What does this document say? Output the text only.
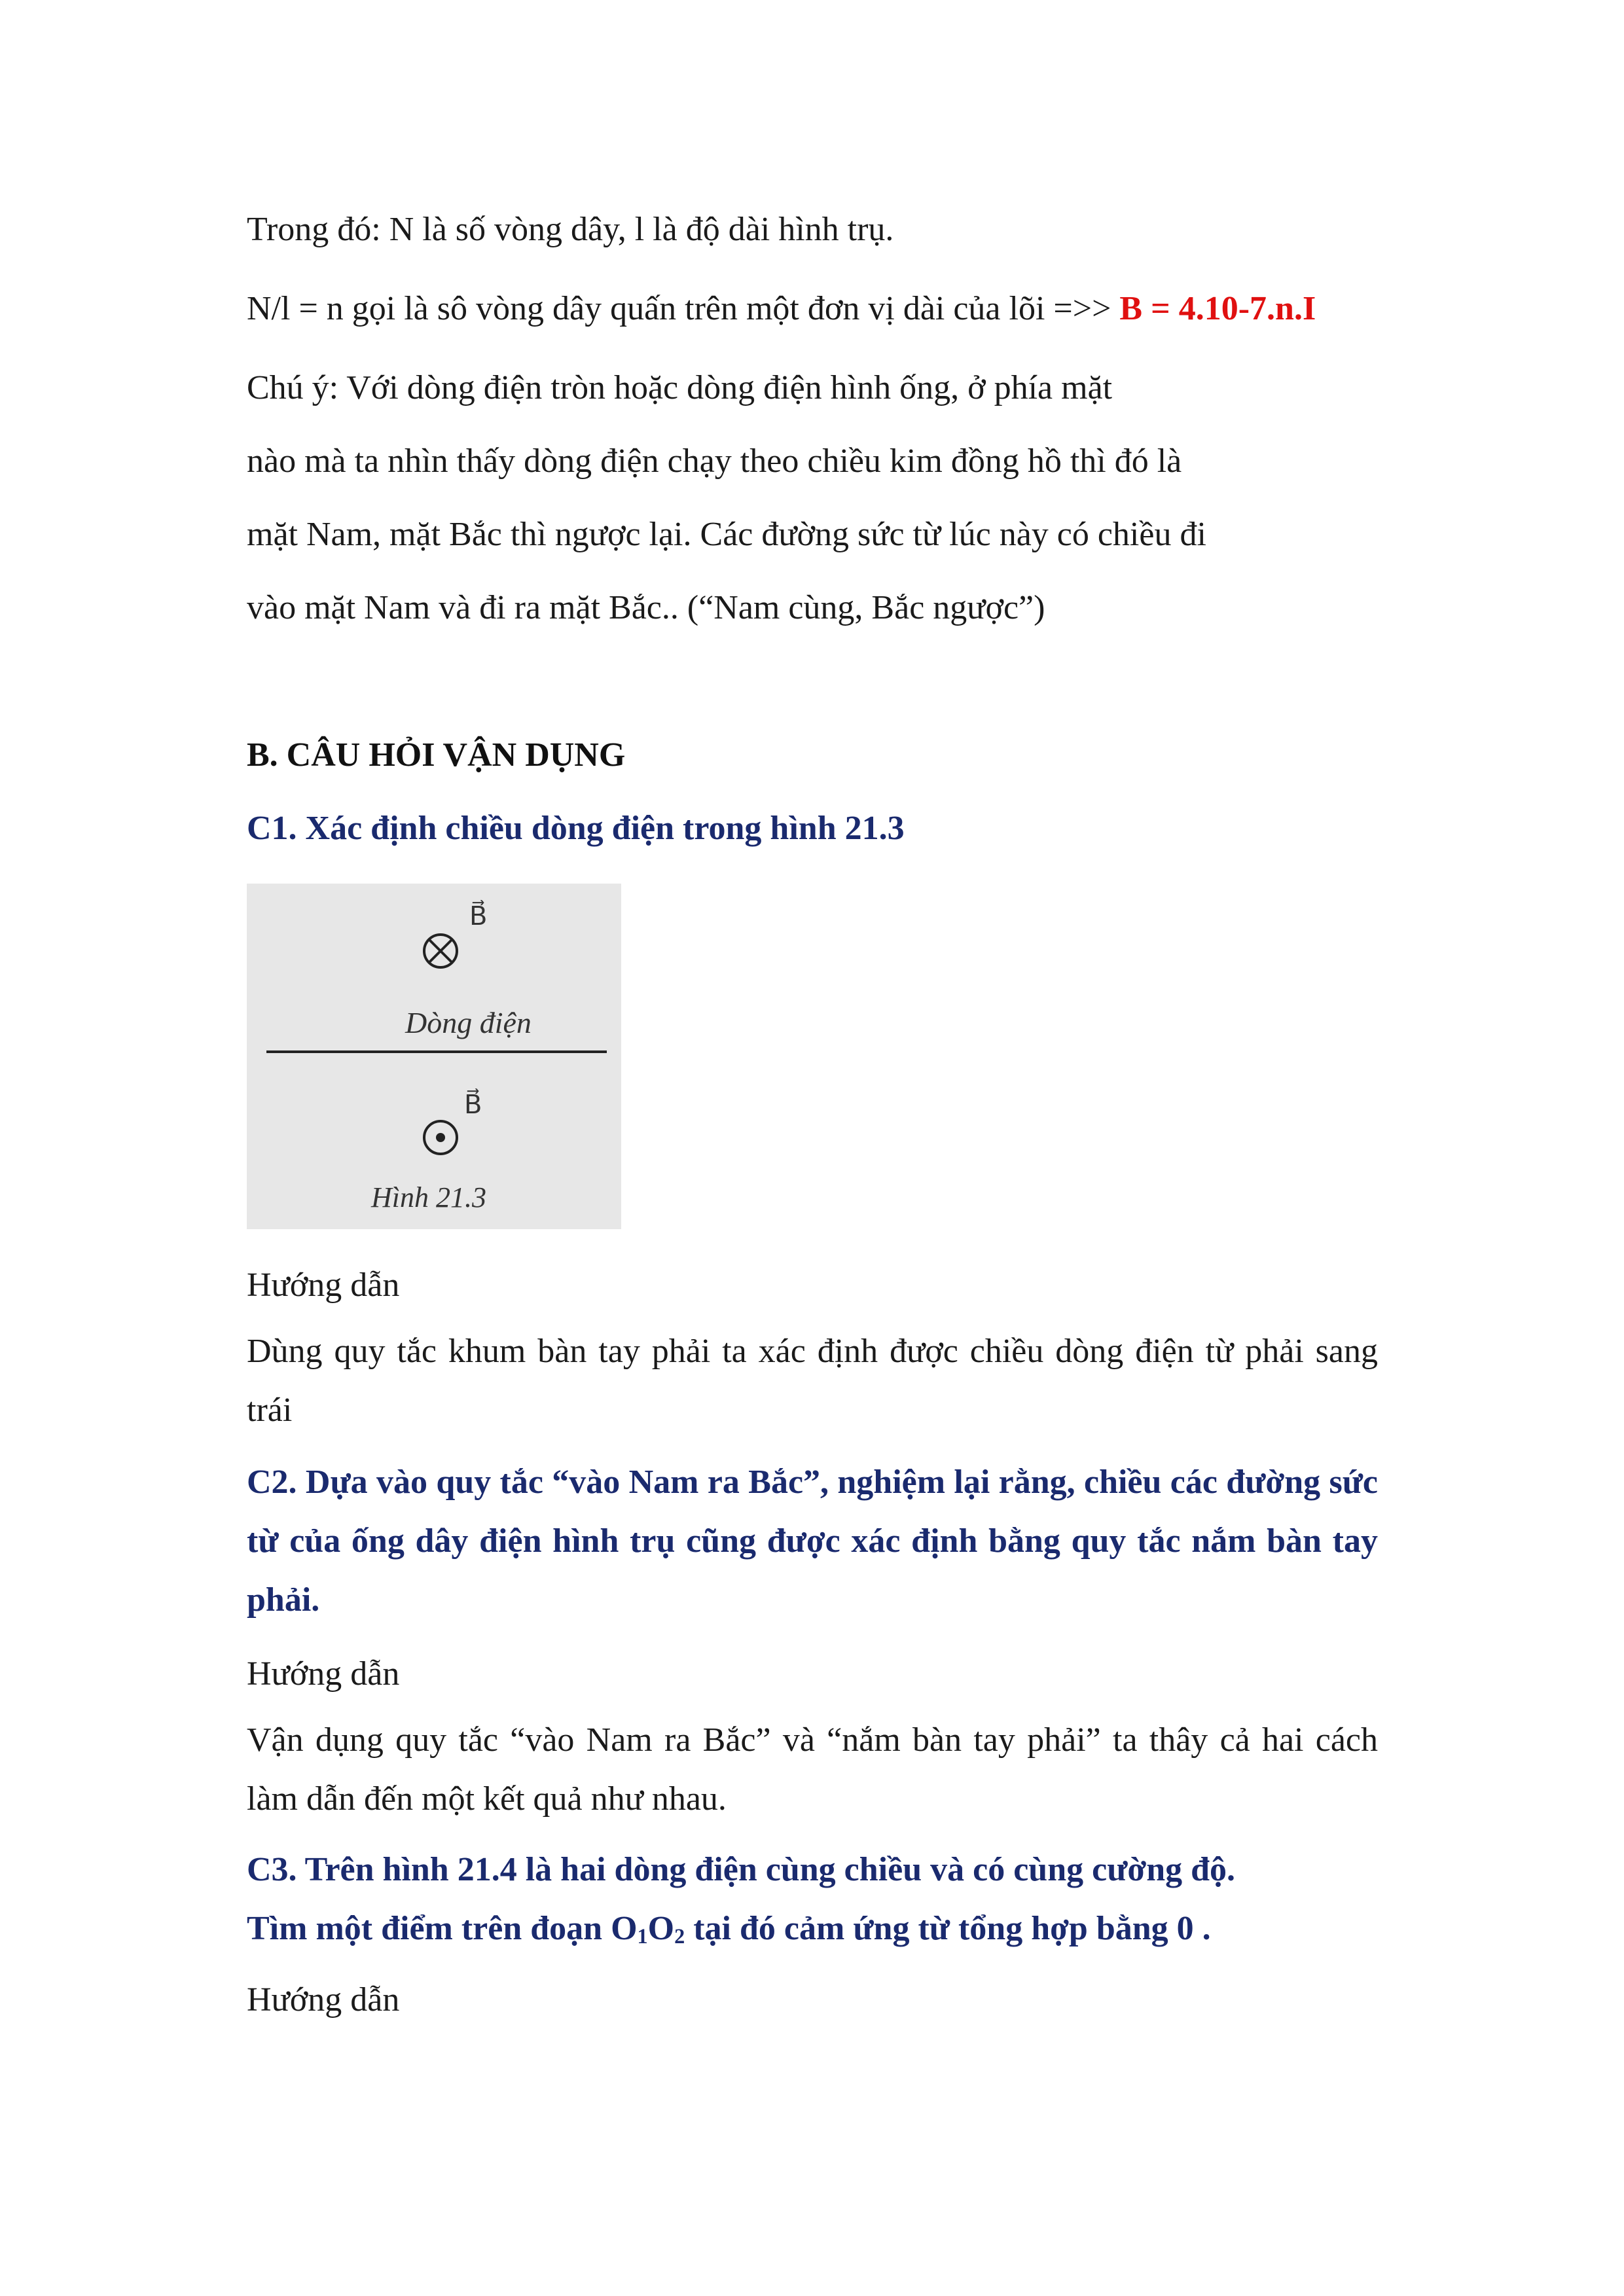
Trong đó: N là số vòng dây, l là độ dài hình trụ.

N/l = n gọi là sô vòng dây quấn trên một đơn vị dài của lõi =>> B = 4.10-7.n.I

Chú ý: Với dòng điện tròn hoặc dòng điện hình ống, ở phía mặt

nào mà ta nhìn thấy dòng điện chạy theo chiều kim đồng hồ thì đó là

mặt Nam, mặt Bắc thì ngược lại. Các đường sức từ lúc này có chiều đi

vào mặt Nam và đi ra mặt Bắc.. (“Nam cùng, Bắc ngược”)

B. CÂU HỎI VẬN DỤNG

C1. Xác định chiều dòng điện trong hình 21.3

B⃗
Dòng điện
B⃗
Hình 21.3

Hướng dẫn

Dùng quy tắc khum bàn tay phải ta xác định được chiều dòng điện từ phải sang trái

C2. Dựa vào quy tắc “vào Nam ra Bắc”, nghiệm lại rằng, chiều các đường sức từ của ống dây điện hình trụ cũng được xác định bằng quy tắc nắm bàn tay phải.

Hướng dẫn

Vận dụng quy tắc “vào Nam ra Bắc” và “nắm bàn tay phải” ta thây cả hai cách làm dẫn đến một kết quả như nhau.

C3. Trên hình 21.4 là hai dòng điện cùng chiều và có cùng cường độ.

Tìm một điểm trên đoạn $O_1O_2$ tại đó cảm ứng từ tổng hợp bằng 0 .

Hướng dẫn
